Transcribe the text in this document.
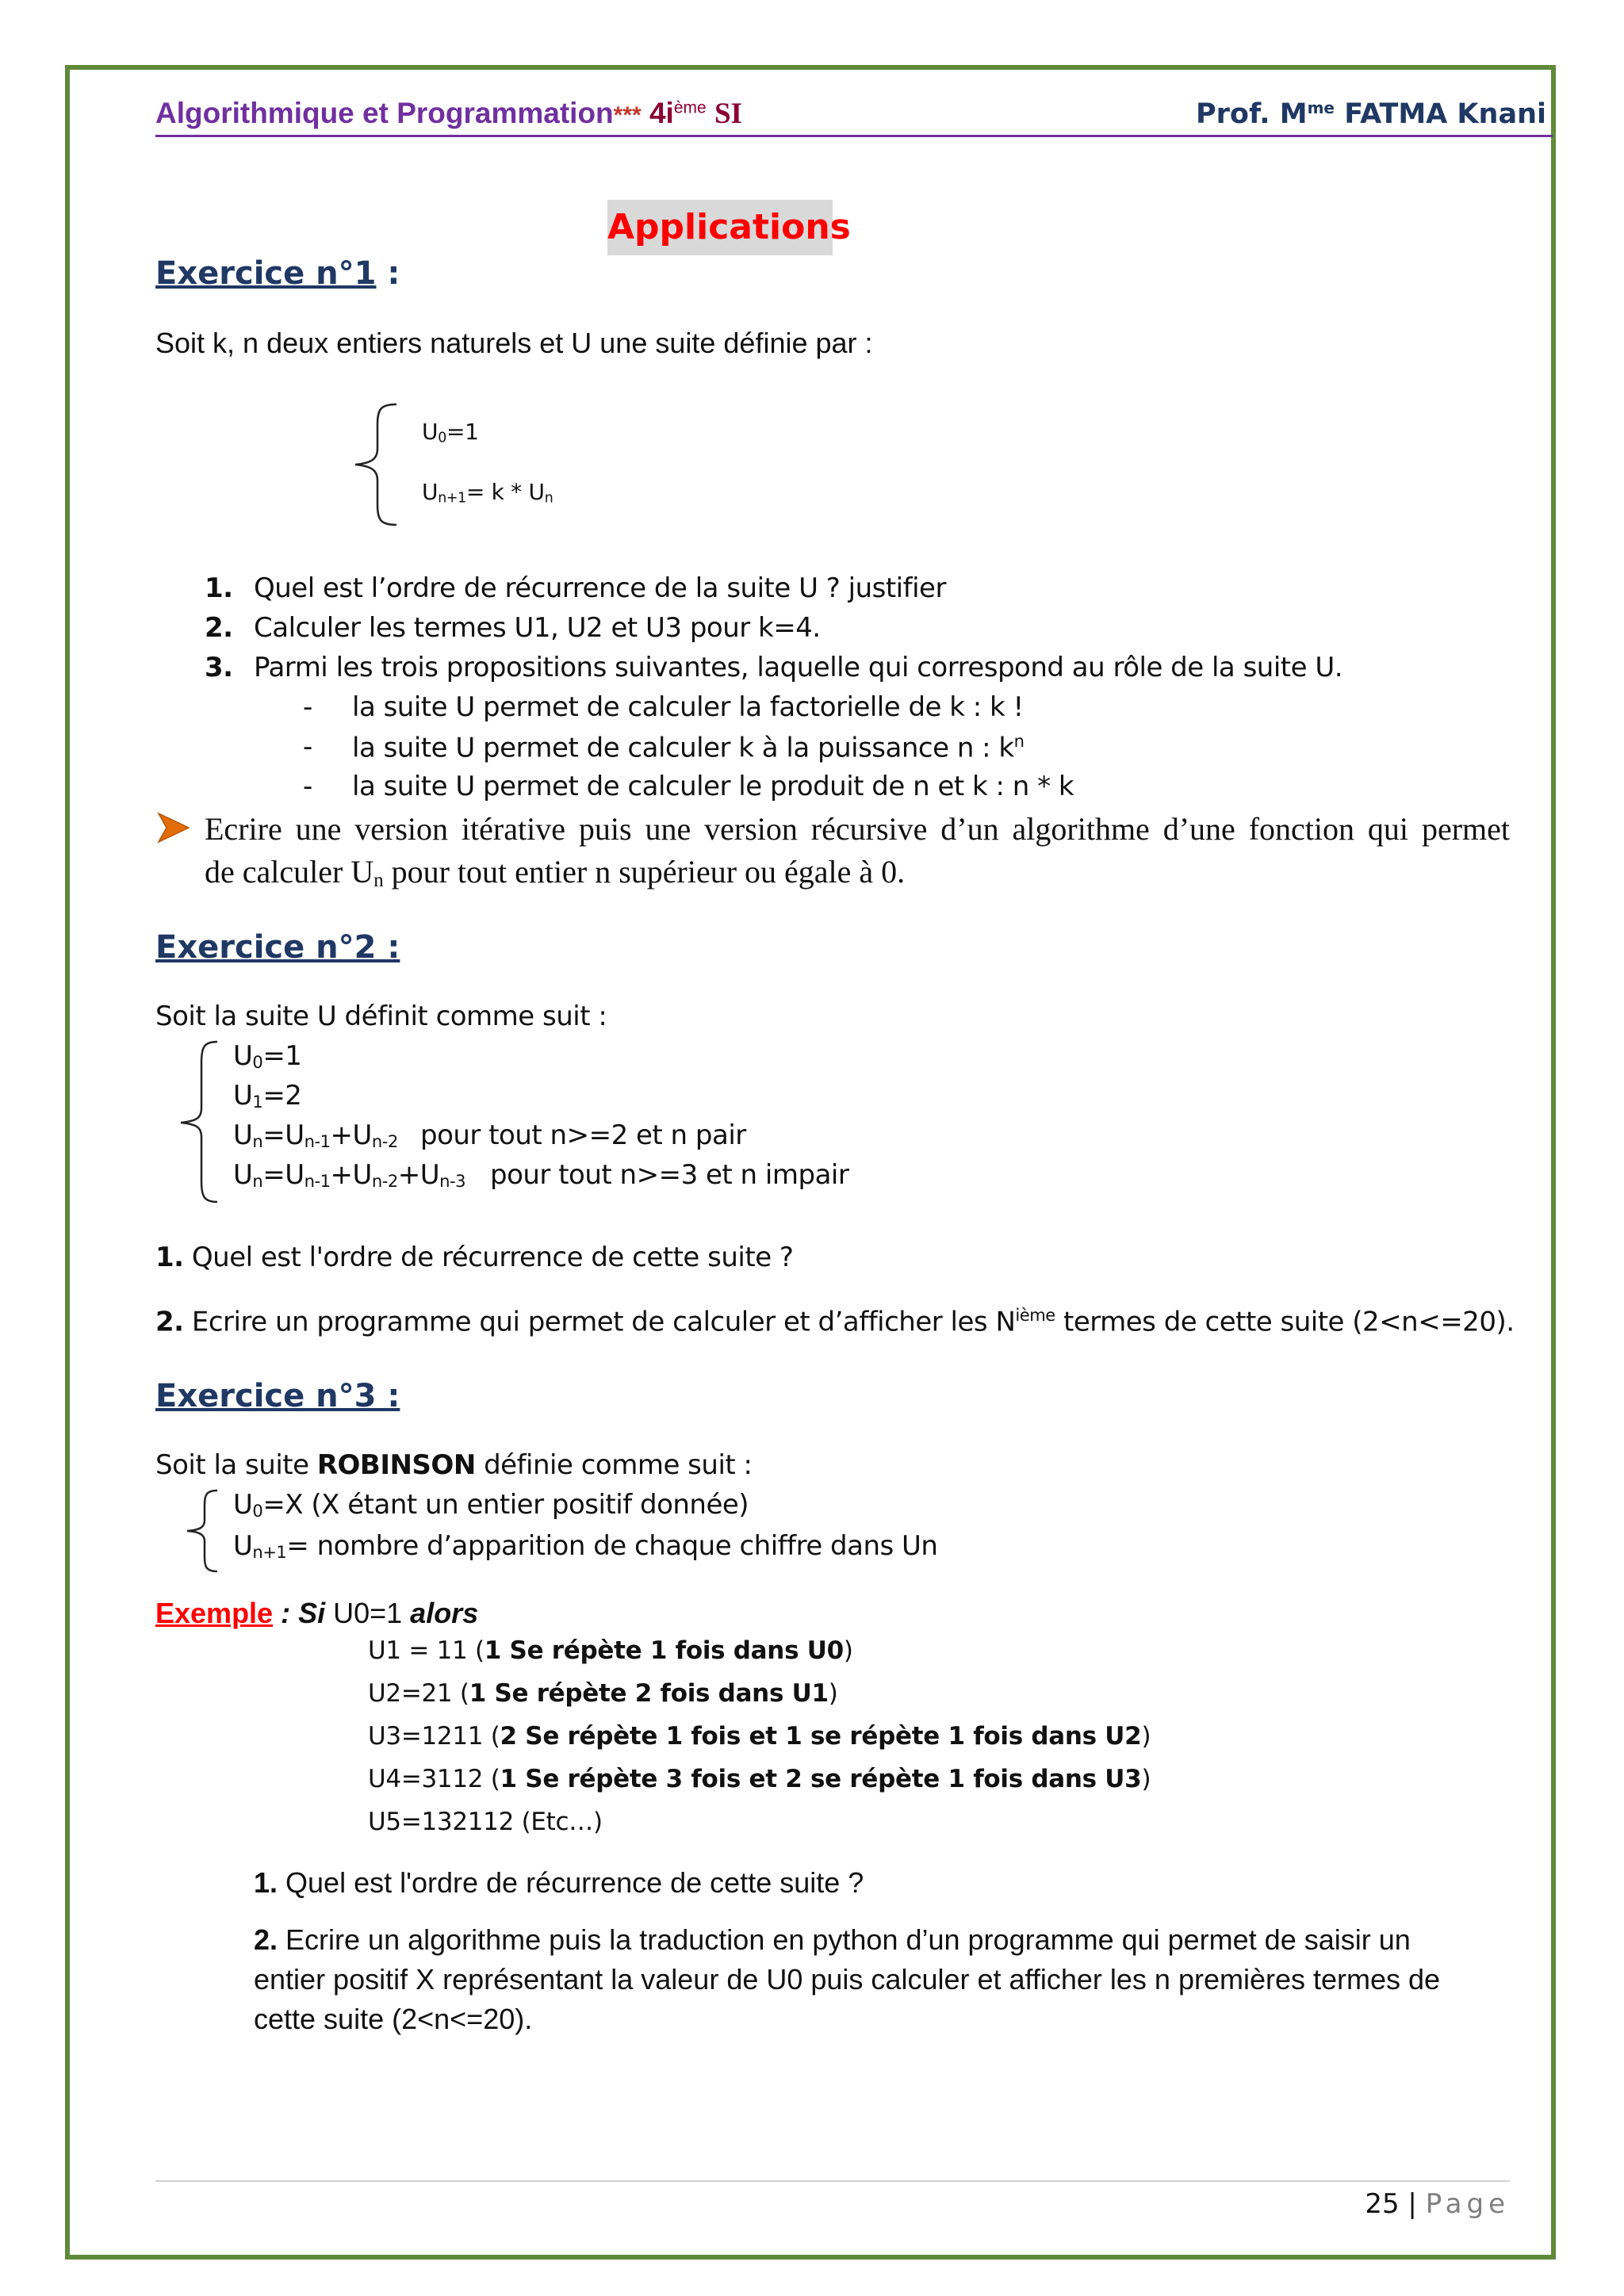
Algorithmique et Programmation*** $4i^{ème}$ SI	Prof. $M^{me}$ FATMA Knani
Applications
Exercice n°1 :
Soit k, n deux entiers naturels et U une suite définie par :
$U_0=1$
$U_{n+1}= k * U_n$
1. Quel est l’ordre de récurrence de la suite U ? justifier
2. Calculer les termes U1, U2 et U3 pour k=4.
3. Parmi les trois propositions suivantes, laquelle qui correspond au rôle de la suite U.
- la suite U permet de calculer la factorielle de k : k !
- la suite U permet de calculer k à la puissance n : $k^n$
- la suite U permet de calculer le produit de n et k : n * k
Ecrire une version itérative puis une version récursive d’un algorithme d’une fonction qui permet
de calculer $U_n$ pour tout entier n supérieur ou égale à 0.
Exercice n°2 :
Soit la suite U définit comme suit :
$U_0=1$
$U_1=2$
$U_n=U_{n-1}+U_{n-2}$ pour tout n>=2 et n pair
$U_n=U_{n-1}+U_{n-2}+U_{n-3}$ pour tout n>=3 et n impair
1. Quel est l'ordre de récurrence de cette suite ?
2. Ecrire un programme qui permet de calculer et d’afficher les $N^{ième}$ termes de cette suite (2<n<=20).
Exercice n°3 :
Soit la suite ROBINSON définie comme suit :
$U_0=X$ (X étant un entier positif donnée)
$U_{n+1}=$ nombre d’apparition de chaque chiffre dans Un
Exemple : Si U0=1 alors
U1 = 11 (1 Se répète 1 fois dans U0)
U2=21 (1 Se répète 2 fois dans U1)
U3=1211 (2 Se répète 1 fois et 1 se répète 1 fois dans U2)
U4=3112 (1 Se répète 3 fois et 2 se répète 1 fois dans U3)
U5=132112 (Etc…)
1. Quel est l'ordre de récurrence de cette suite ?
2. Ecrire un algorithme puis la traduction en python d’un programme qui permet de saisir un
entier positif X représentant la valeur de U0 puis calculer et afficher les n premières termes de
cette suite (2<n<=20).
25 | Page
